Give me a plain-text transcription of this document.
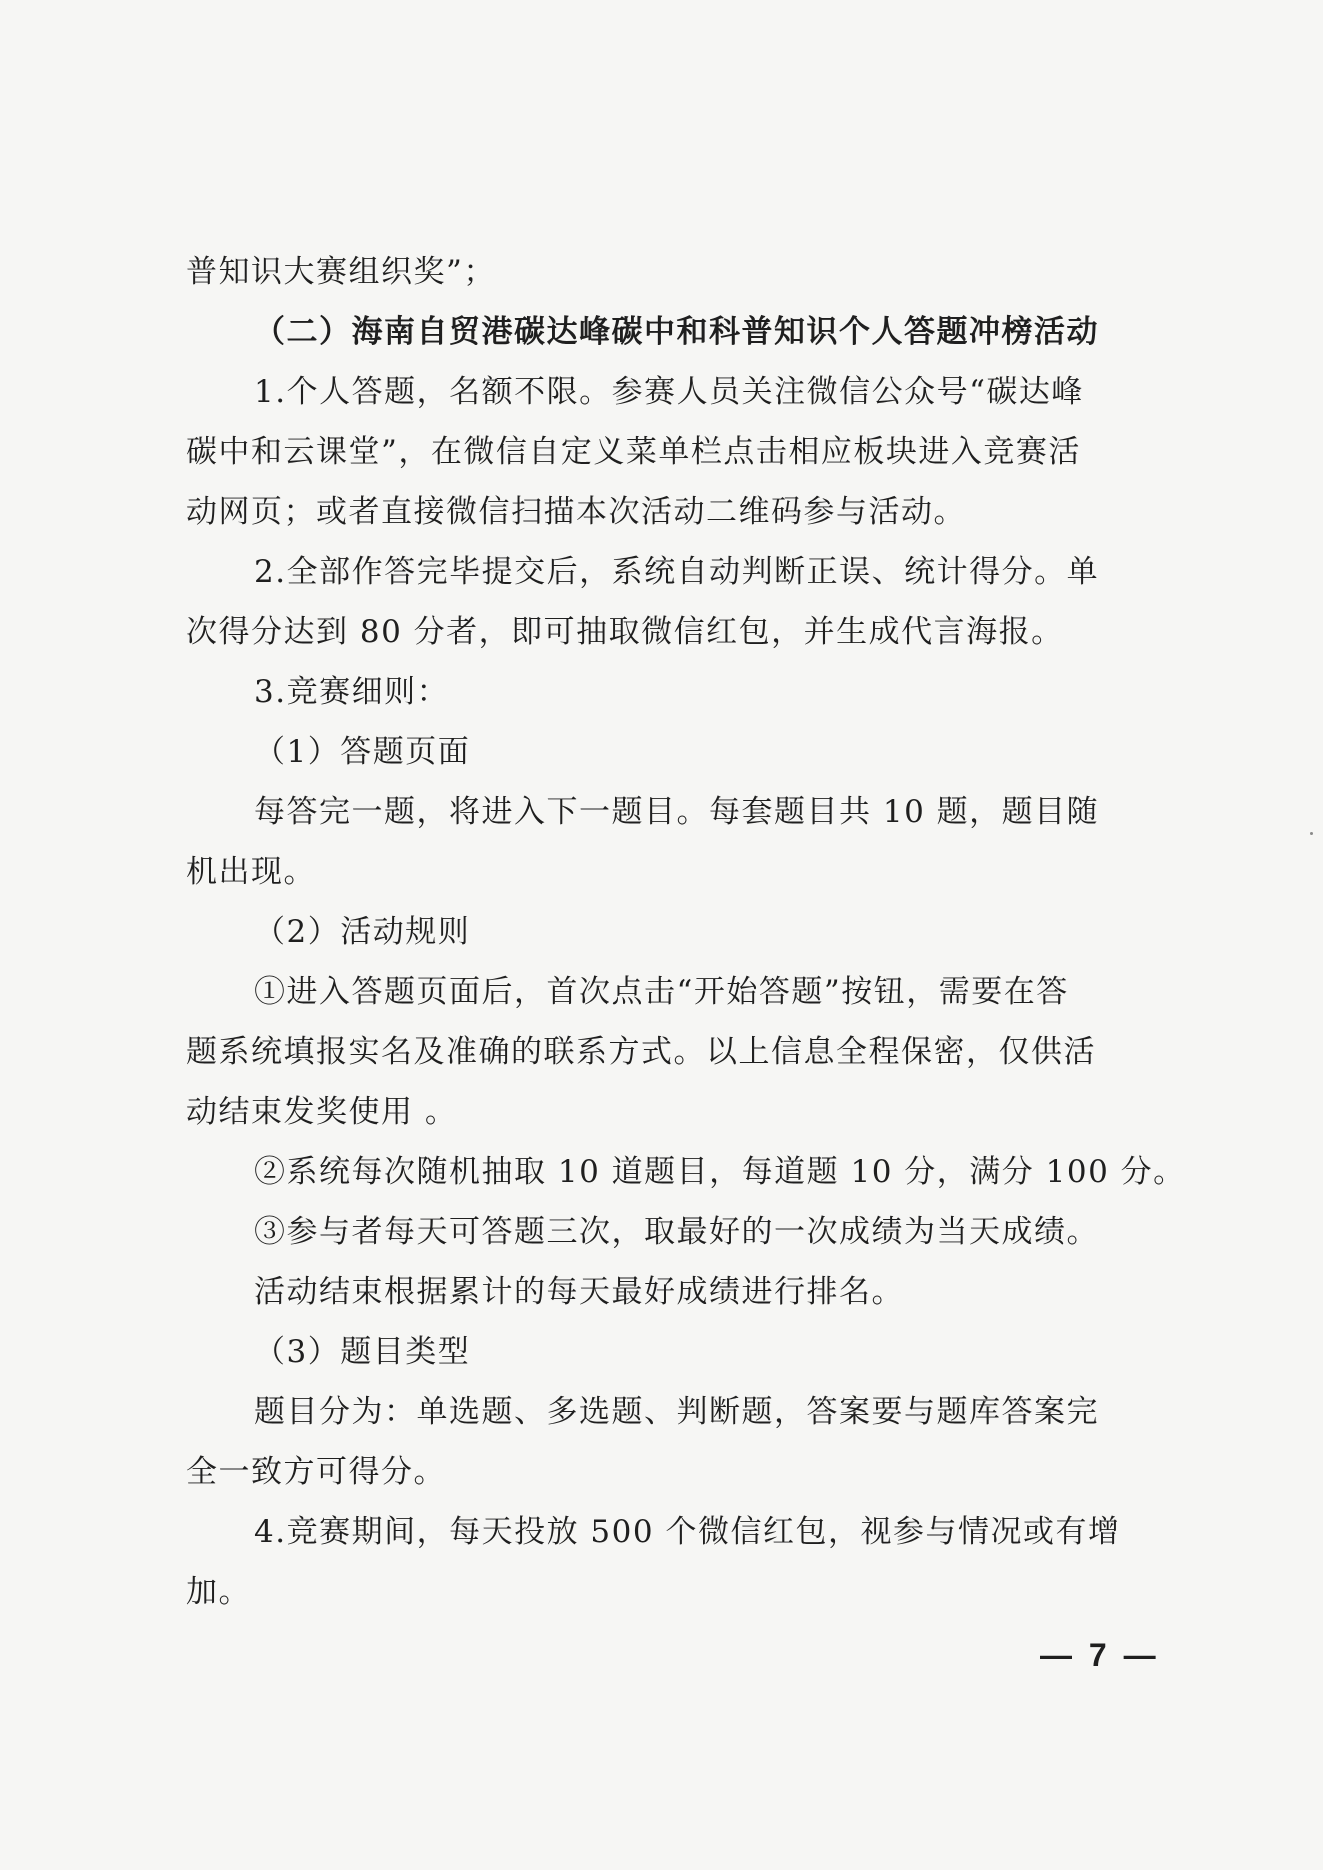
普知识大赛组织奖”；
（二）海南自贸港碳达峰碳中和科普知识个人答题冲榜活动
1.个人答题，名额不限。参赛人员关注微信公众号“碳达峰
碳中和云课堂”，在微信自定义菜单栏点击相应板块进入竞赛活
动网页；或者直接微信扫描本次活动二维码参与活动。
2.全部作答完毕提交后，系统自动判断正误、统计得分。单
次得分达到 80 分者，即可抽取微信红包，并生成代言海报。
3.竞赛细则：
（1）答题页面
每答完一题，将进入下一题目。每套题目共 10 题，题目随
机出现。
（2）活动规则
①进入答题页面后，首次点击“开始答题”按钮，需要在答
题系统填报实名及准确的联系方式。以上信息全程保密，仅供活
动结束发奖使用 。
②系统每次随机抽取 10 道题目，每道题 10 分，满分 100 分。
③参与者每天可答题三次，取最好的一次成绩为当天成绩。
活动结束根据累计的每天最好成绩进行排名。
（3）题目类型
题目分为：单选题、多选题、判断题，答案要与题库答案完
全一致方可得分。
4.竞赛期间，每天投放 500 个微信红包，视参与情况或有增
加。
— 7 —
